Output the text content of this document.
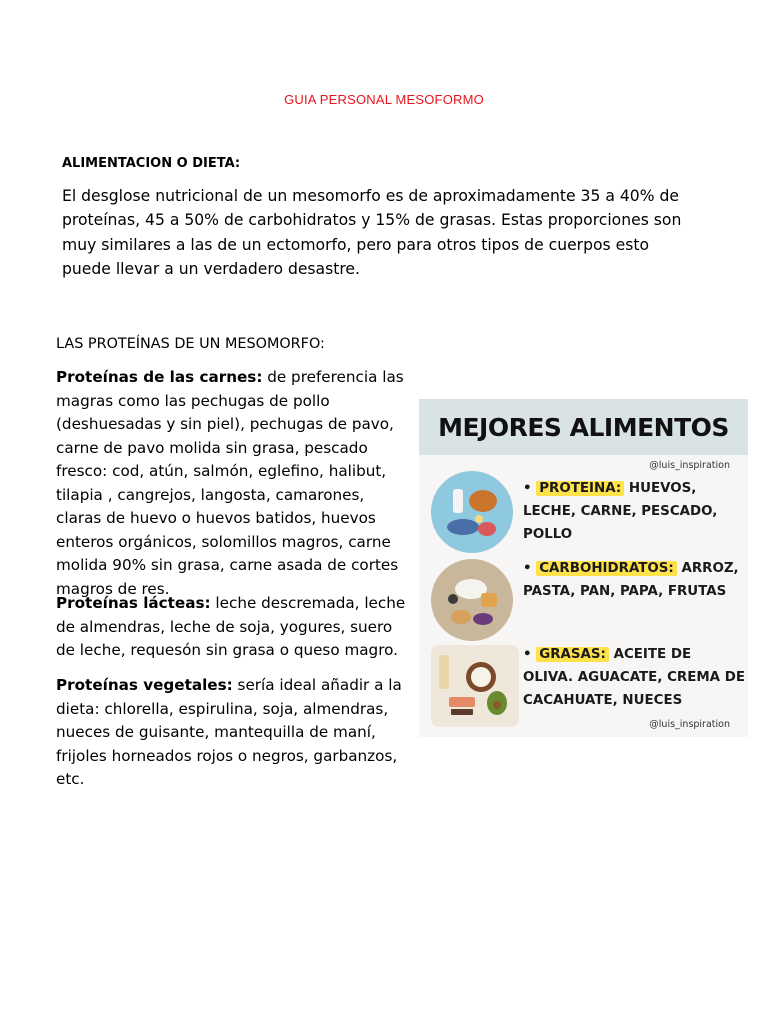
GUIA PERSONAL MESOFORMO
ALIMENTACION O DIETA:

El desglose nutricional de un mesomorfo es de aproximadamente 35 a 40% de proteínas, 45 a 50% de carbohidratos y 15% de grasas. Estas proporciones son muy similares a las de un ectomorfo, pero para otros tipos de cuerpos esto puede llevar a un verdadero desastre.

LAS PROTEÍNAS DE UN MESOMORFO:

Proteínas de las carnes: de preferencia las magras como las pechugas de pollo (deshuesadas y sin piel), pechugas de pavo, carne de pavo molida sin grasa, pescado fresco: cod, atún, salmón, eglefino, halibut, tilapia , cangrejos, langosta, camarones, claras de huevo o huevos batidos, huevos enteros orgánicos, solomillos magros, carne molida 90% sin grasa, carne asada de cortes magros de res.

Proteínas lácteas: leche descremada, leche de almendras, leche de soja, yogures, suero de leche, requesón sin grasa o queso magro.

Proteínas vegetales: sería ideal añadir a la dieta: chlorella, espirulina, soja, almendras, nueces de guisante, mantequilla de maní, frijoles horneados rojos o negros, garbanzos, etc.

MEJORES ALIMENTOS
@luis_inspiration
• PROTEINA: HUEVOS, LECHE, CARNE, PESCADO, POLLO
• CARBOHIDRATOS: ARROZ, PASTA, PAN, PAPA, FRUTAS
• GRASAS: ACEITE DE OLIVA. AGUACATE, CREMA DE CACAHUATE, NUECES
@luis_inspiration
